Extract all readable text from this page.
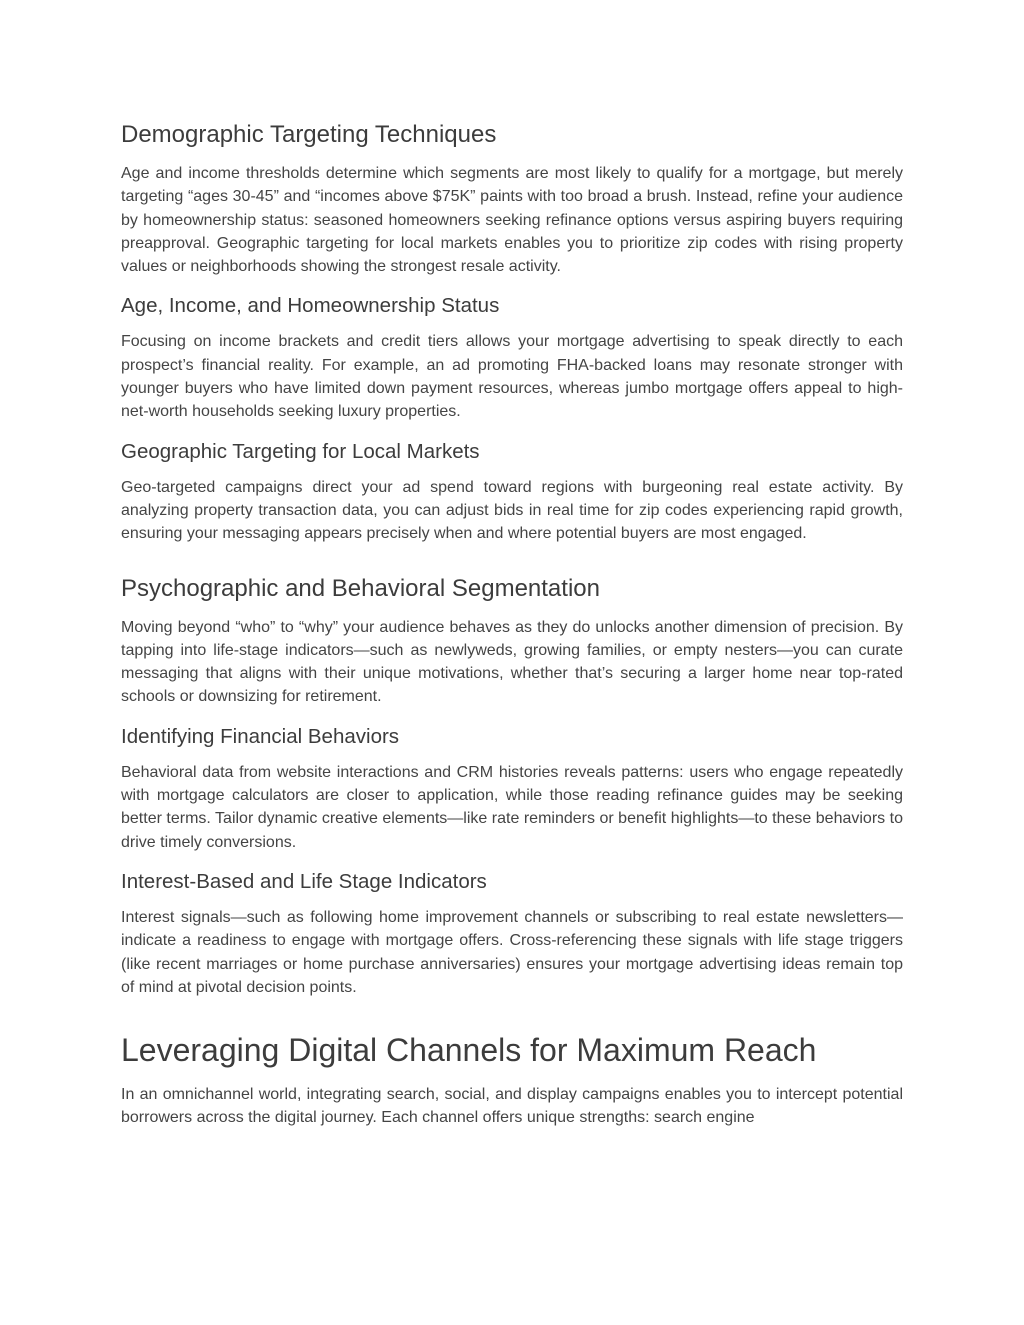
Demographic Targeting Techniques

Age and income thresholds determine which segments are most likely to qualify for a mortgage, but merely targeting “ages 30-45” and “incomes above $75K” paints with too broad a brush. Instead, refine your audience by homeownership status: seasoned homeowners seeking refinance options versus aspiring buyers requiring preapproval. Geographic targeting for local markets enables you to prioritize zip codes with rising property values or neighborhoods showing the strongest resale activity.

Age, Income, and Homeownership Status

Focusing on income brackets and credit tiers allows your mortgage advertising to speak directly to each prospect’s financial reality. For example, an ad promoting FHA-backed loans may resonate stronger with younger buyers who have limited down payment resources, whereas jumbo mortgage offers appeal to high-net-worth households seeking luxury properties.

Geographic Targeting for Local Markets

Geo-targeted campaigns direct your ad spend toward regions with burgeoning real estate activity. By analyzing property transaction data, you can adjust bids in real time for zip codes experiencing rapid growth, ensuring your messaging appears precisely when and where potential buyers are most engaged.

Psychographic and Behavioral Segmentation

Moving beyond “who” to “why” your audience behaves as they do unlocks another dimension of precision. By tapping into life-stage indicators—such as newlyweds, growing families, or empty nesters—you can curate messaging that aligns with their unique motivations, whether that’s securing a larger home near top-rated schools or downsizing for retirement.

Identifying Financial Behaviors

Behavioral data from website interactions and CRM histories reveals patterns: users who engage repeatedly with mortgage calculators are closer to application, while those reading refinance guides may be seeking better terms. Tailor dynamic creative elements—like rate reminders or benefit highlights—to these behaviors to drive timely conversions.

Interest-Based and Life Stage Indicators

Interest signals—such as following home improvement channels or subscribing to real estate newsletters—indicate a readiness to engage with mortgage offers. Cross-referencing these signals with life stage triggers (like recent marriages or home purchase anniversaries) ensures your mortgage advertising ideas remain top of mind at pivotal decision points.

Leveraging Digital Channels for Maximum Reach

In an omnichannel world, integrating search, social, and display campaigns enables you to intercept potential borrowers across the digital journey. Each channel offers unique strengths: search engine
